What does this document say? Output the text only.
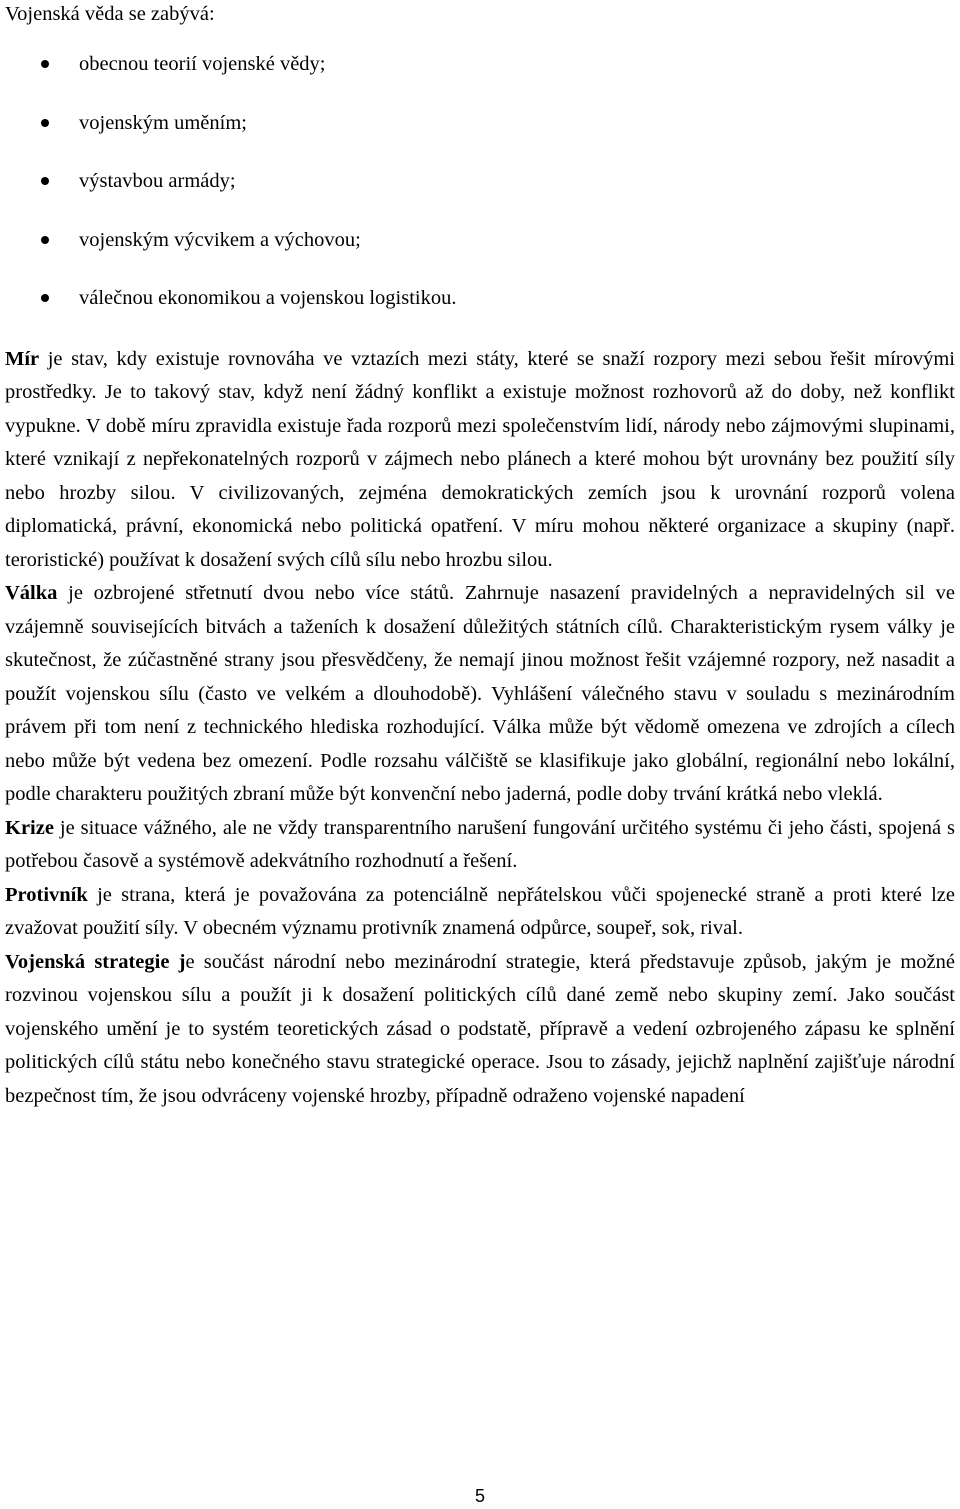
Vojenská věda se zabývá:

obecnou teorií vojenské vědy;
vojenským uměním;
výstavbou armády;
vojenským výcvikem a výchovou;
válečnou ekonomikou a vojenskou logistikou.

Mír je stav, kdy existuje rovnováha ve vztazích mezi státy, které se snaží rozpory mezi sebou řešit mírovými prostředky. Je to takový stav, když není žádný konflikt a existuje možnost rozhovorů až do doby, než konflikt vypukne. V době míru zpravidla existuje řada rozporů mezi společenstvím lidí, národy nebo zájmovými slupinami, které vznikají z nepřekonatelných rozporů v zájmech nebo plánech a které mohou být urovnány bez použití síly nebo hrozby silou. V civilizovaných, zejména demokratických zemích jsou k urovnání rozporů volena diplomatická, právní, ekonomická nebo politická opatření. V míru mohou některé organizace a skupiny (např. teroristické) používat k dosažení svých cílů sílu nebo hrozbu silou.

Válka je ozbrojené střetnutí dvou nebo více států. Zahrnuje nasazení pravidelných a nepravidelných sil ve vzájemně souvisejících bitvách a taženích k dosažení důležitých státních cílů. Charakteristickým rysem války je skutečnost, že zúčastněné strany jsou přesvědčeny, že nemají jinou možnost řešit vzájemné rozpory, než nasadit a použít vojenskou sílu (často ve velkém a dlouhodobě). Vyhlášení válečného stavu v souladu s mezinárodním právem při tom není z technického hlediska rozhodující. Válka může být vědomě omezena ve zdrojích a cílech nebo může být vedena bez omezení. Podle rozsahu válčiště se klasifikuje jako globální, regionální nebo lokální, podle charakteru použitých zbraní může být konvenční nebo jaderná, podle doby trvání krátká nebo vleklá.

Krize je situace vážného, ale ne vždy transparentního narušení fungování určitého systému či jeho části, spojená s potřebou časově a systémově adekvátního rozhodnutí a řešení.

Protivník je strana, která je považována za potenciálně nepřátelskou vůči spojenecké straně a proti které lze zvažovat použití síly. V obecném významu protivník znamená odpůrce, soupeř, sok, rival.

Vojenská strategie je součást národní nebo mezinárodní strategie, která představuje způsob, jakým je možné rozvinou vojenskou sílu a použít ji k dosažení politických cílů dané země nebo skupiny zemí. Jako součást vojenského umění je to systém teoretických zásad o podstatě, přípravě a vedení ozbrojeného zápasu ke splnění politických cílů státu nebo konečného stavu strategické operace. Jsou to zásady, jejichž naplnění zajišťuje národní bezpečnost tím, že jsou odvráceny vojenské hrozby, případně odraženo vojenské napadení

5
